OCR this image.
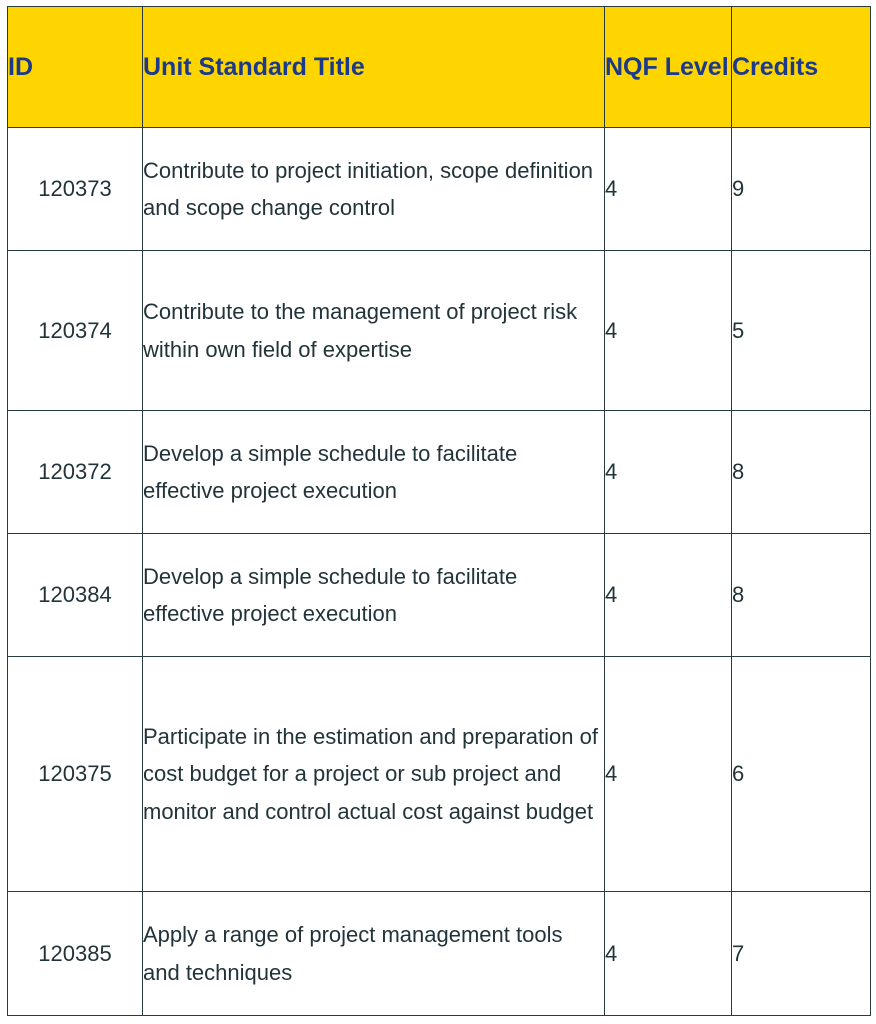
ID	Unit Standard Title	NQF Level	Credits
120373	Contribute to project initiation, scope definition and scope change control	4	9
120374	Contribute to the management of project risk within own field of expertise	4	5
120372	Develop a simple schedule to facilitate effective project execution	4	8
120384	Develop a simple schedule to facilitate effective project execution	4	8
120375	Participate in the estimation and preparation of cost budget for a project or sub project and monitor and control actual cost against budget	4	6
120385	Apply a range of project management tools and techniques	4	7
